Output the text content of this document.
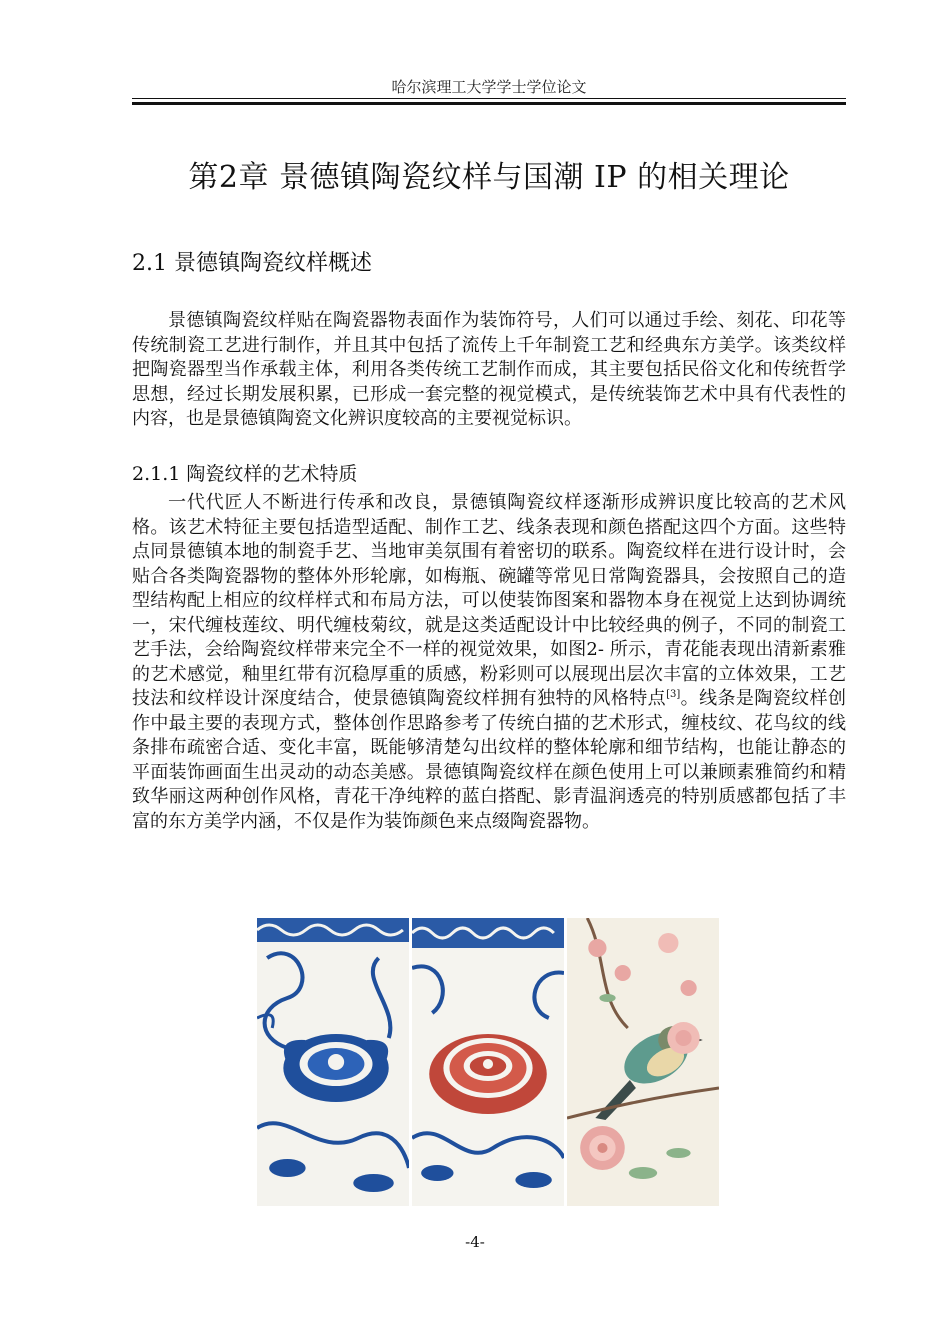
哈尔滨理工大学学士学位论文
第2章 景德镇陶瓷纹样与国潮 IP 的相关理论
2.1 景德镇陶瓷纹样概述

景德镇陶瓷纹样贴在陶瓷器物表面作为装饰符号，人们可以通过手绘、刻花、印花等传统制瓷工艺进行制作，并且其中包括了流传上千年制瓷工艺和经典东方美学。该类纹样把陶瓷器型当作承载主体，利用各类传统工艺制作而成，其主要包括民俗文化和传统哲学思想，经过长期发展积累，已形成一套完整的视觉模式，是传统装饰艺术中具有代表性的内容，也是景德镇陶瓷文化辨识度较高的主要视觉标识。

2.1.1 陶瓷纹样的艺术特质

一代代匠人不断进行传承和改良，景德镇陶瓷纹样逐渐形成辨识度比较高的艺术风格。该艺术特征主要包括造型适配、制作工艺、线条表现和颜色搭配这四个方面。这些特点同景德镇本地的制瓷手艺、当地审美氛围有着密切的联系。陶瓷纹样在进行设计时，会贴合各类陶瓷器物的整体外形轮廓，如梅瓶、碗罐等常见日常陶瓷器具，会按照自己的造型结构配上相应的纹样样式和布局方法，可以使装饰图案和器物本身在视觉上达到协调统一，宋代缠枝莲纹、明代缠枝菊纹，就是这类适配设计中比较经典的例子，不同的制瓷工艺手法，会给陶瓷纹样带来完全不一样的视觉效果，如图2- 所示，青花能表现出清新素雅的艺术感觉，釉里红带有沉稳厚重的质感，粉彩则可以展现出层次丰富的立体效果，工艺技法和纹样设计深度结合，使景德镇陶瓷纹样拥有独特的风格特点[3]。线条是陶瓷纹样创作中最主要的表现方式，整体创作思路参考了传统白描的艺术形式，缠枝纹、花鸟纹的线条排布疏密合适、变化丰富，既能够清楚勾出纹样的整体轮廓和细节结构，也能让静态的平面装饰画面生出灵动的动态美感。景德镇陶瓷纹样在颜色使用上可以兼顾素雅简约和精致华丽这两种创作风格，青花干净纯粹的蓝白搭配、影青温润透亮的特别质感都包括了丰富的东方美学内涵，不仅是作为装饰颜色来点缀陶瓷器物。

-4-
